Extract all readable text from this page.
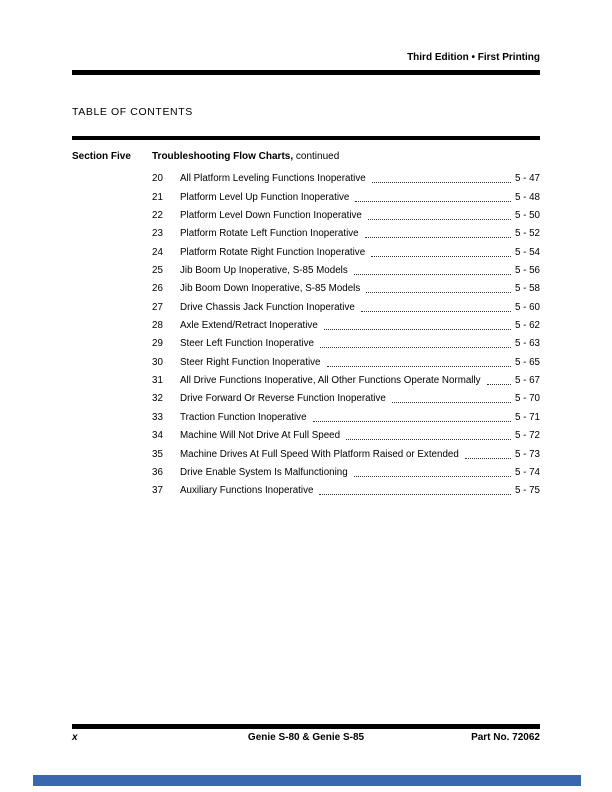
Third Edition • First Printing
TABLE OF CONTENTS
Section Five	Troubleshooting Flow Charts, continued
20	All Platform Leveling Functions Inoperative	5 - 47
21	Platform Level Up Function Inoperative	5 - 48
22	Platform Level Down Function Inoperative	5 - 50
23	Platform Rotate Left Function Inoperative	5 - 52
24	Platform Rotate Right Function Inoperative	5 - 54
25	Jib Boom Up Inoperative, S-85 Models	5 - 56
26	Jib Boom Down Inoperative, S-85 Models	5 - 58
27	Drive Chassis Jack Function Inoperative	5 - 60
28	Axle Extend/Retract Inoperative	5 - 62
29	Steer Left Function Inoperative	5 - 63
30	Steer Right Function Inoperative	5 - 65
31	All Drive Functions Inoperative, All Other Functions Operate Normally	5 - 67
32	Drive Forward Or Reverse Function Inoperative	5 - 70
33	Traction Function Inoperative	5 - 71
34	Machine Will Not Drive At Full Speed	5 - 72
35	Machine Drives At Full Speed With Platform Raised or Extended	5 - 73
36	Drive Enable System Is Malfunctioning	5 - 74
37	Auxiliary Functions Inoperative	5 - 75
x	Genie S-80 & Genie S-85	Part No. 72062
